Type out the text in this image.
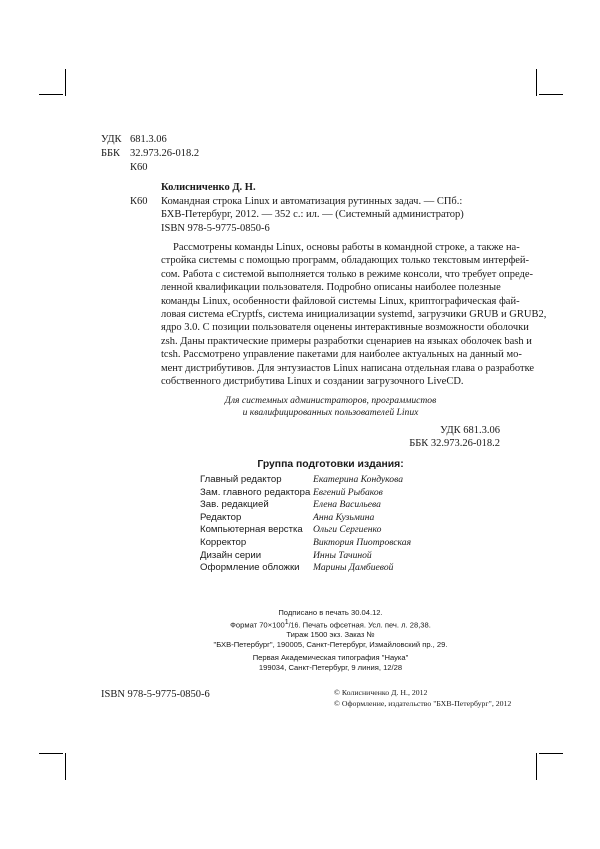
УДК 681.3.06
ББК 32.973.26-018.2
К60
Колисниченко Д. Н.
К60 Командная строка Linux и автоматизация рутинных задач. — СПб.:
БХВ-Петербург, 2012. — 352 с.: ил. — (Системный администратор)
ISBN 978-5-9775-0850-6
Рассмотрены команды Linux, основы работы в командной строке, а также на-
стройка системы с помощью программ, обладающих только текстовым интерфей-
сом. Работа с системой выполняется только в режиме консоли, что требует опреде-
ленной квалификации пользователя. Подробно описаны наиболее полезные
команды Linux, особенности файловой системы Linux, криптографическая фай-
ловая система eCryptfs, система инициализации systemd, загрузчики GRUB и GRUB2,
ядро 3.0. С позиции пользователя оценены интерактивные возможности оболочки
zsh. Даны практические примеры разработки сценариев на языках оболочек bash и
tcsh. Рассмотрено управление пакетами для наиболее актуальных на данный мо-
мент дистрибутивов. Для энтузиастов Linux написана отдельная глава о разработке
собственного дистрибутива Linux и создании загрузочного LiveCD.
Для системных администраторов, программистов
и квалифицированных пользователей Linux
УДК 681.3.06
ББК 32.973.26-018.2
Группа подготовки издания:
Главный редактор	Екатерина Кондукова
Зам. главного редактора Евгений Рыбаков
Зав. редакцией	Елена Васильева
Редактор	Анна Кузьмина
Компьютерная верстка Ольги Сергиенко
Корректор	Виктория Пиотровская
Дизайн серии	Инны Тачиной
Оформление обложки Марины Дамбиевой
Подписано в печать 30.04.12.
Формат $70\times 100^1/16$. Печать офсетная. Усл. печ. л. 28,38.
Тираж 1500 экз. Заказ №
"БХВ-Петербург", 190005, Санкт-Петербург, Измайловский пр., 29.
Первая Академическая типография "Наука"
199034, Санкт-Петербург, 9 линия, 12/28
ISBN 978-5-9775-0850-6	© Колисниченко Д. Н., 2012
© Оформление, издательство "БХВ-Петербург", 2012
